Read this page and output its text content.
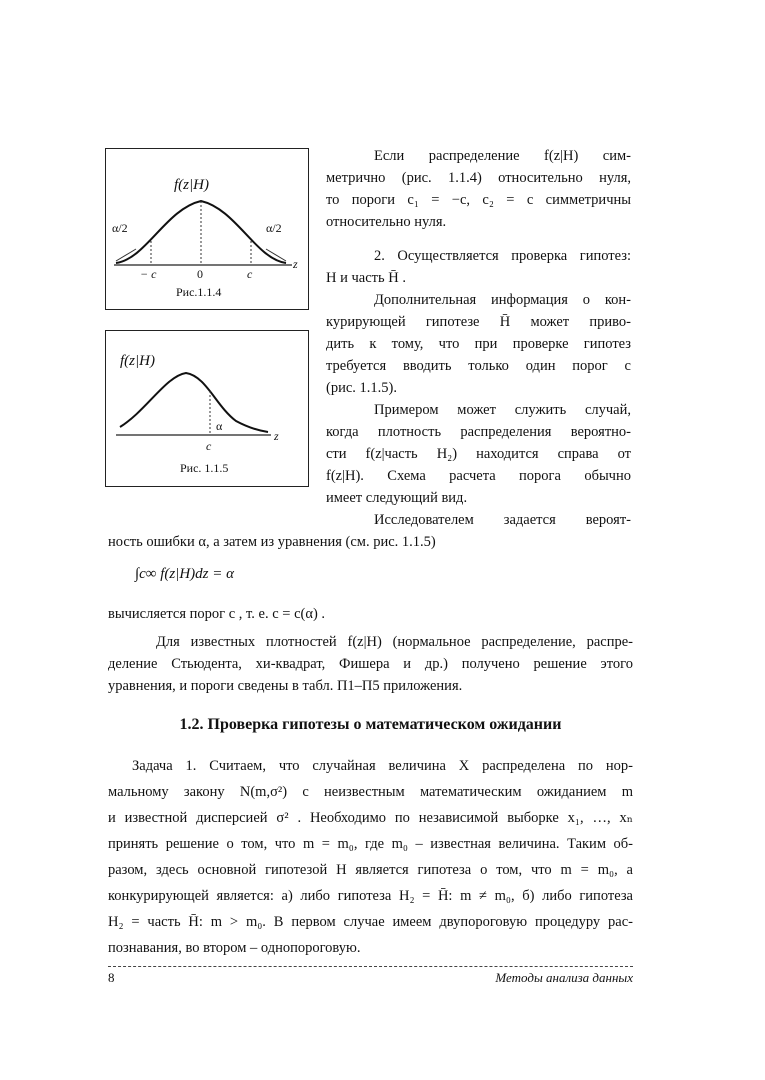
f(z|H)
α/2	α/2
− c	0	c
z
Рис.1.1.4
f(z|H)
α
c
z
Рис. 1.1.5
Если распределение f(z|H) сим-
метрично (рис. 1.1.4) относительно нуля,
то пороги c₁ = −c, c₂ = c симметричны
относительно нуля.
2. Осуществляется проверка гипотез:
H и часть H̄ .
Дополнительная информация о кон-
курирующей гипотезе H̄ может приво-
дить к тому, что при проверке гипотез
требуется вводить только один порог c
(рис. 1.1.5).
Примером может служить случай,
когда плотность распределения вероятно-
сти f(z|часть H₂) находится справа от
f(z|H). Схема расчета порога обычно
имеет следующий вид.
Исследователем задается вероят-
ность ошибки α, а затем из уравнения (см. рис. 1.1.5)
∫c∞ f(z|H)dz = α
вычисляется порог c , т. е. c = c(α) .
Для известных плотностей f(z|H) (нормальное распределение, распре-
деление Стьюдента, хи-квадрат, Фишера и др.) получено решение этого
уравнения, и пороги сведены в табл. П1–П5 приложения.
1.2. Проверка гипотезы о математическом ожидании
Задача 1. Считаем, что случайная величина X распределена по нор-
мальному закону N(m,σ²) с неизвестным математическим ожиданием m
и известной дисперсией σ² . Необходимо по независимой выборке x₁, …, xₙ
принять решение о том, что m = m₀, где m₀ – известная величина. Таким об-
разом, здесь основной гипотезой H является гипотеза о том, что m = m₀, а
конкурирующей является: а) либо гипотеза H₂ = H̄: m ≠ m₀, б) либо гипотеза
H₂ = часть H̄: m > m₀. В первом случае имеем двупороговую процедуру рас-
познавания, во втором – однопороговую.
8	Методы анализа данных
